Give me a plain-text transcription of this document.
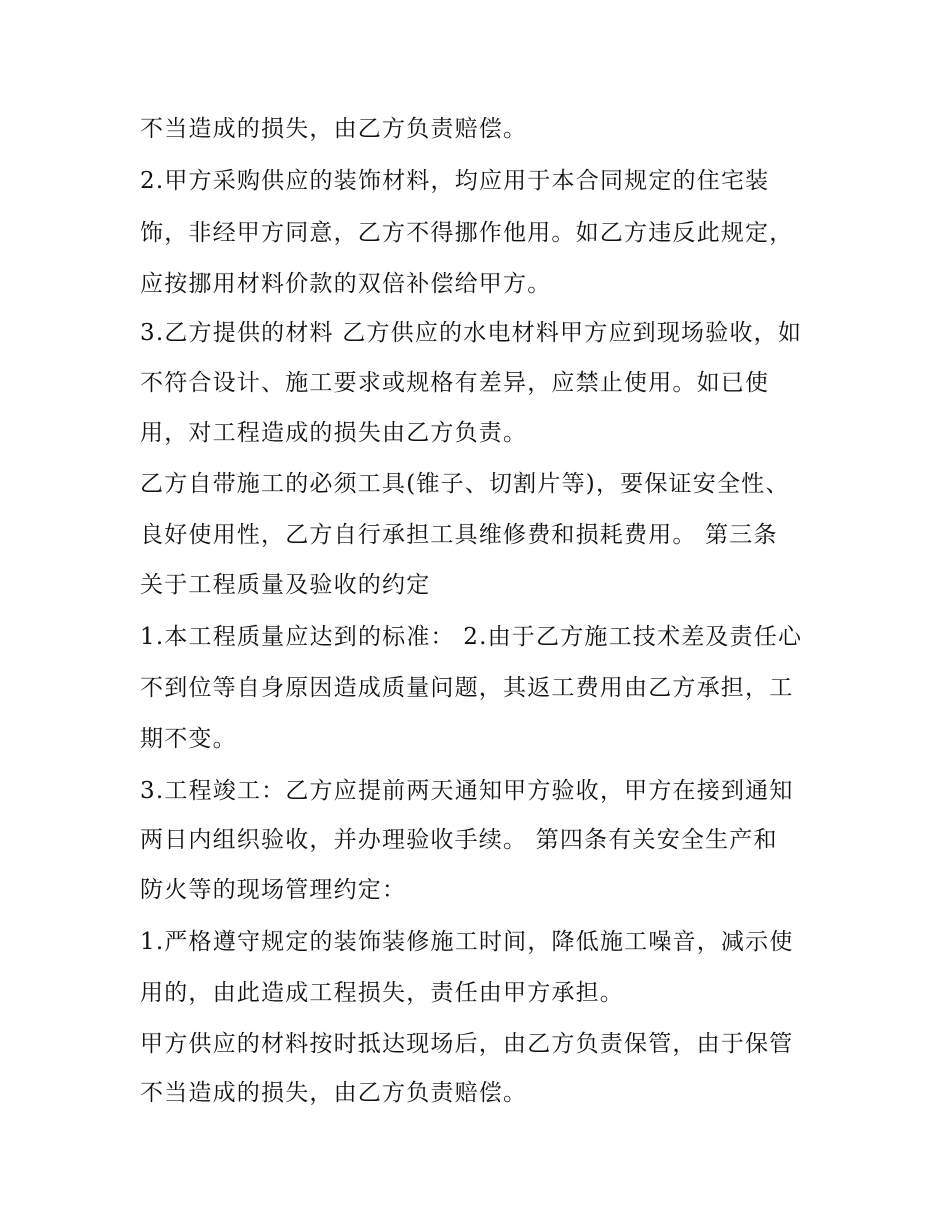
不当造成的损失，由乙方负责赔偿。
2.甲方采购供应的装饰材料，均应用于本合同规定的住宅装
饰，非经甲方同意，乙方不得挪作他用。如乙方违反此规定，
应按挪用材料价款的双倍补偿给甲方。
3.乙方提供的材料 乙方供应的水电材料甲方应到现场验收，如
不符合设计、施工要求或规格有差异，应禁止使用。如已使
用，对工程造成的损失由乙方负责。
乙方自带施工的必须工具(锥子、切割片等)，要保证安全性、
良好使用性，乙方自行承担工具维修费和损耗费用。 第三条
关于工程质量及验收的约定
1.本工程质量应达到的标准： 2.由于乙方施工技术差及责任心
不到位等自身原因造成质量问题，其返工费用由乙方承担，工
期不变。
3.工程竣工：乙方应提前两天通知甲方验收，甲方在接到通知
两日内组织验收，并办理验收手续。 第四条有关安全生产和
防火等的现场管理约定：
1.严格遵守规定的装饰装修施工时间，降低施工噪音，减示使
用的，由此造成工程损失，责任由甲方承担。
甲方供应的材料按时抵达现场后，由乙方负责保管，由于保管
不当造成的损失，由乙方负责赔偿。
